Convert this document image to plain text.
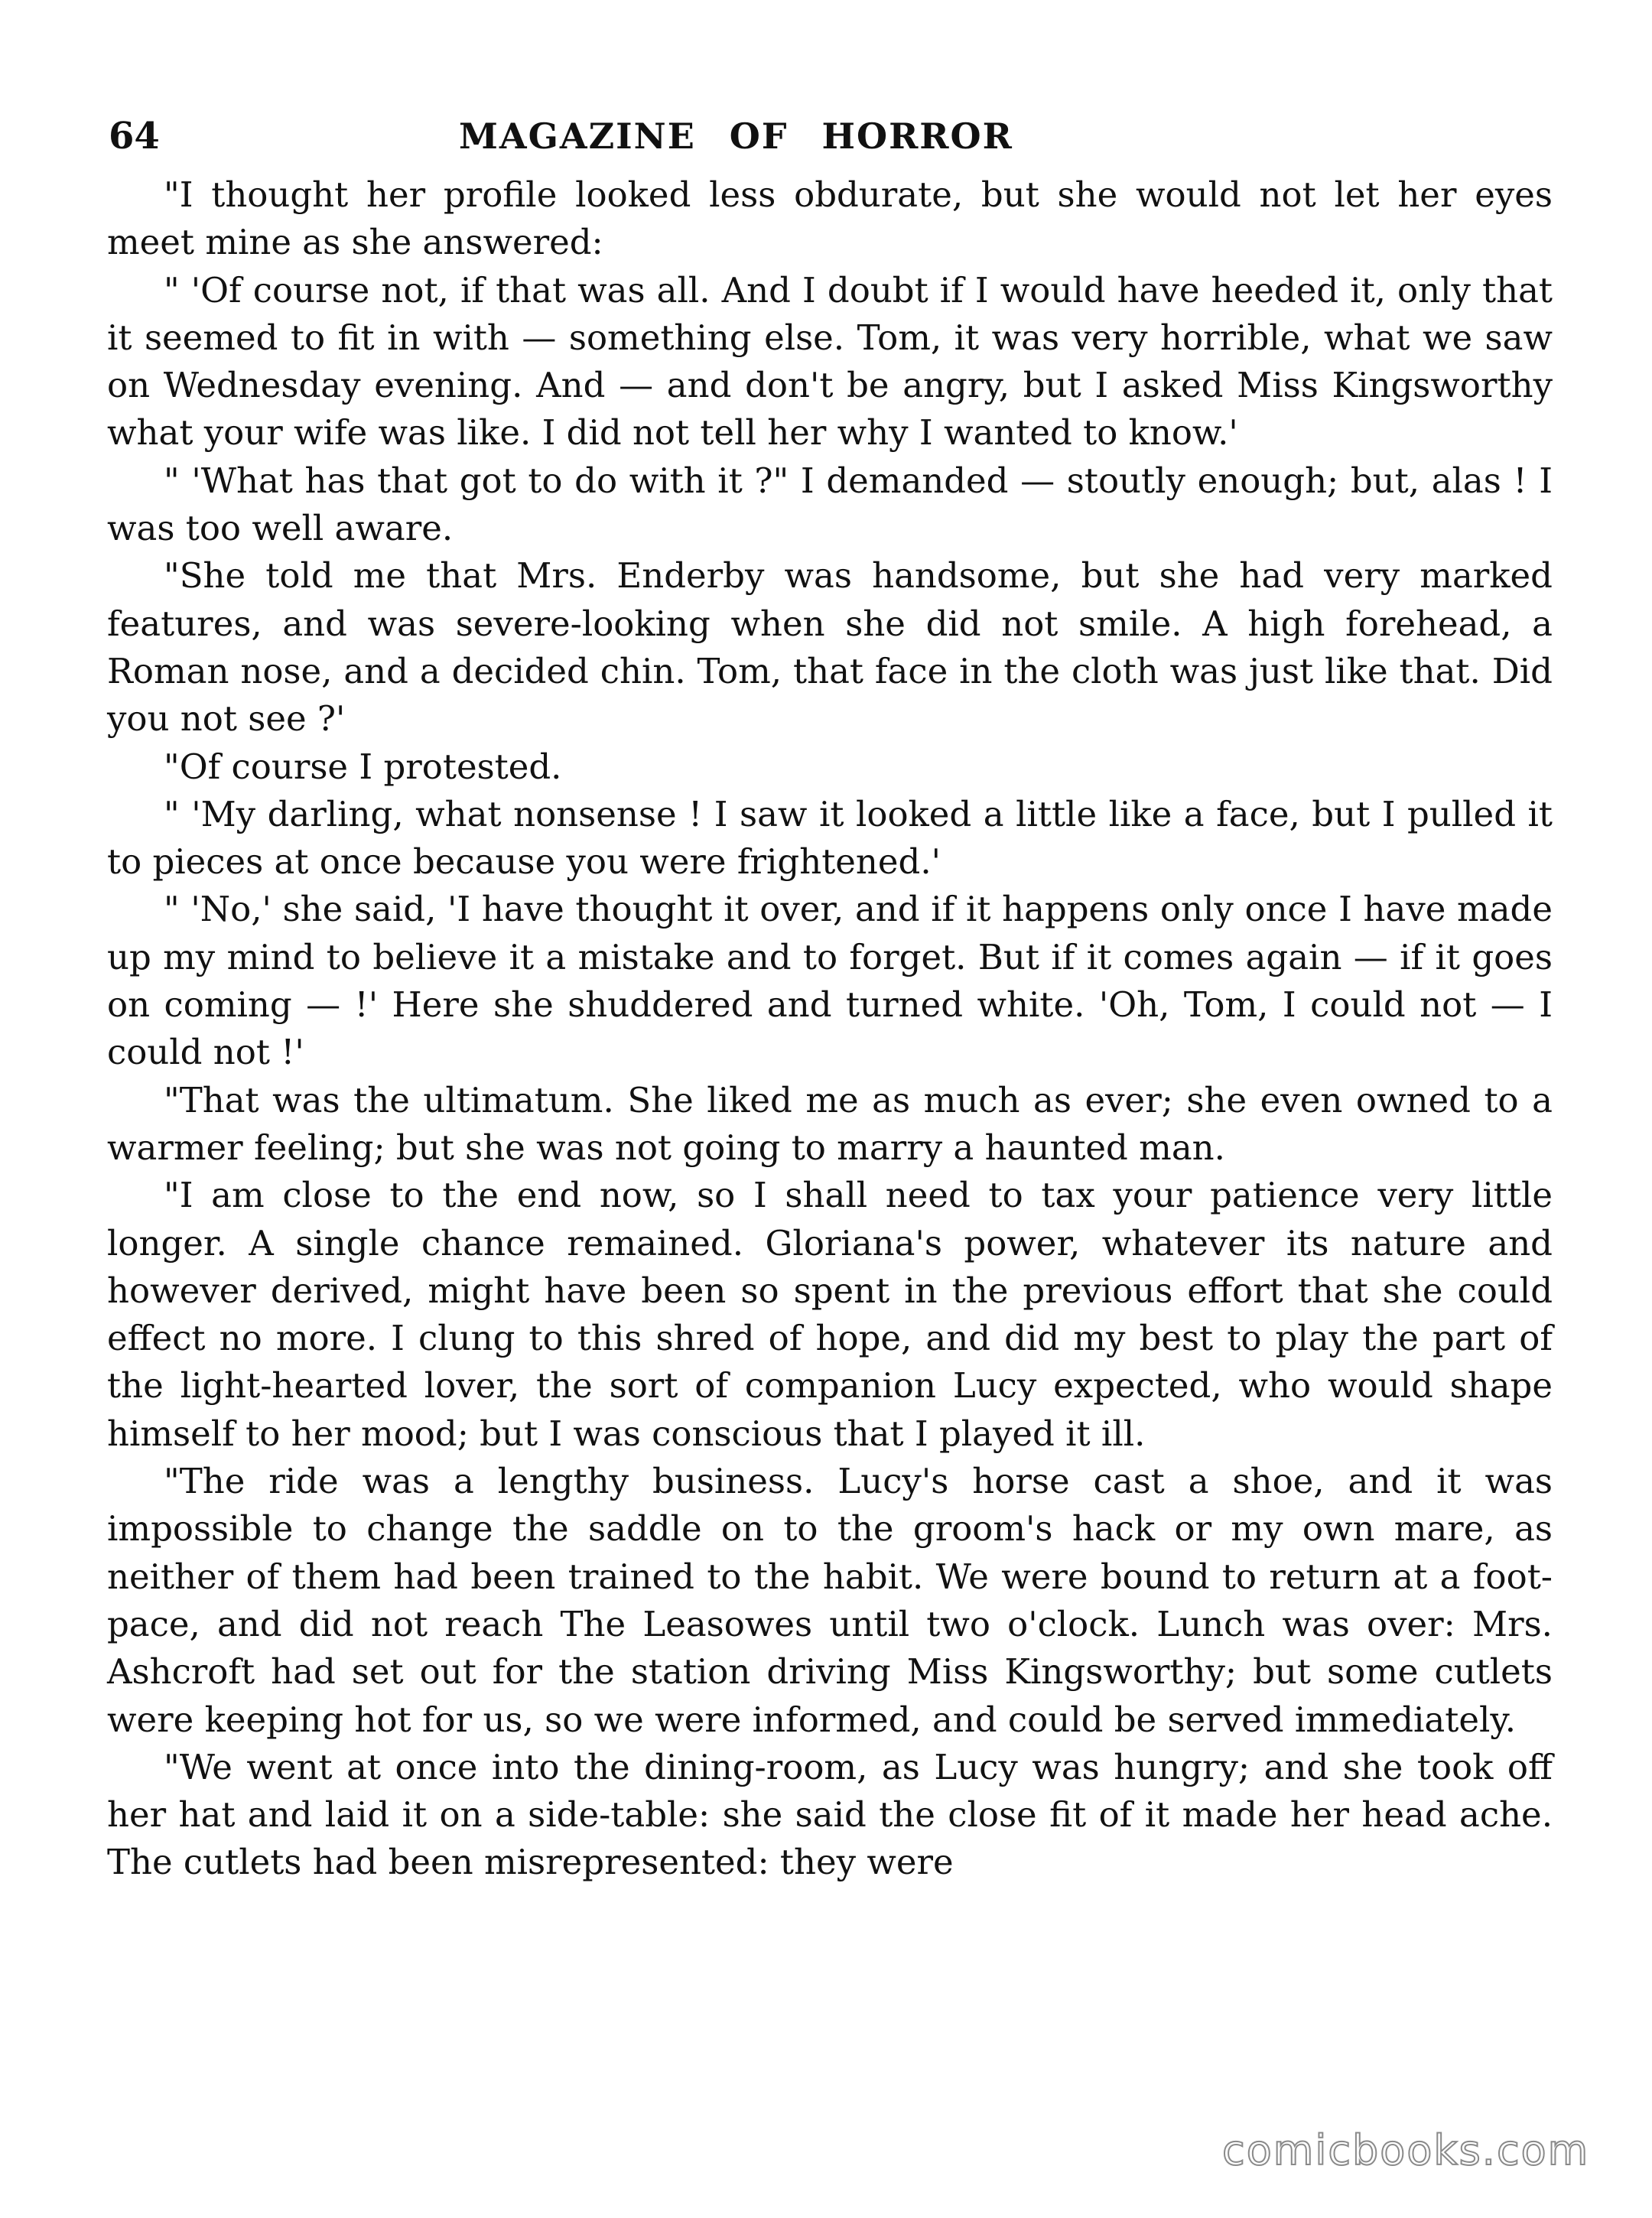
64	MAGAZINE OF HORROR

"I thought her profile looked less obdurate, but she would not let her eyes meet mine as she answered:

" 'Of course not, if that was all. And I doubt if I would have heeded it, only that it seemed to fit in with — something else. Tom, it was very horrible, what we saw on Wednesday evening. And — and don't be angry, but I asked Miss Kingsworthy what your wife was like. I did not tell her why I wanted to know.'

" 'What has that got to do with it ?" I demanded — stoutly enough; but, alas ! I was too well aware.

"She told me that Mrs. Enderby was handsome, but she had very marked features, and was severe-looking when she did not smile. A high forehead, a Roman nose, and a decided chin. Tom, that face in the cloth was just like that. Did you not see ?'

"Of course I protested.

" 'My darling, what nonsense ! I saw it looked a little like a face, but I pulled it to pieces at once because you were frightened.'

" 'No,' she said, 'I have thought it over, and if it happens only once I have made up my mind to believe it a mistake and to forget. But if it comes again — if it goes on coming — !' Here she shuddered and turned white. 'Oh, Tom, I could not — I could not !'

"That was the ultimatum. She liked me as much as ever; she even owned to a warmer feeling; but she was not going to marry a haunted man.

"I am close to the end now, so I shall need to tax your patience very little longer. A single chance remained. Gloriana's power, whatever its nature and however derived, might have been so spent in the previous effort that she could effect no more. I clung to this shred of hope, and did my best to play the part of the light-hearted lover, the sort of companion Lucy expected, who would shape himself to her mood; but I was conscious that I played it ill.

"The ride was a lengthy business. Lucy's horse cast a shoe, and it was impossible to change the saddle on to the groom's hack or my own mare, as neither of them had been trained to the habit. We were bound to return at a foot-pace, and did not reach The Leasowes until two o'clock. Lunch was over: Mrs. Ashcroft had set out for the station driving Miss Kingsworthy; but some cutlets were keeping hot for us, so we were informed, and could be served immediately.

"We went at once into the dining-room, as Lucy was hungry; and she took off her hat and laid it on a side-table: she said the close fit of it made her head ache. The cutlets had been misrepresented: they were

comicbooks.com
